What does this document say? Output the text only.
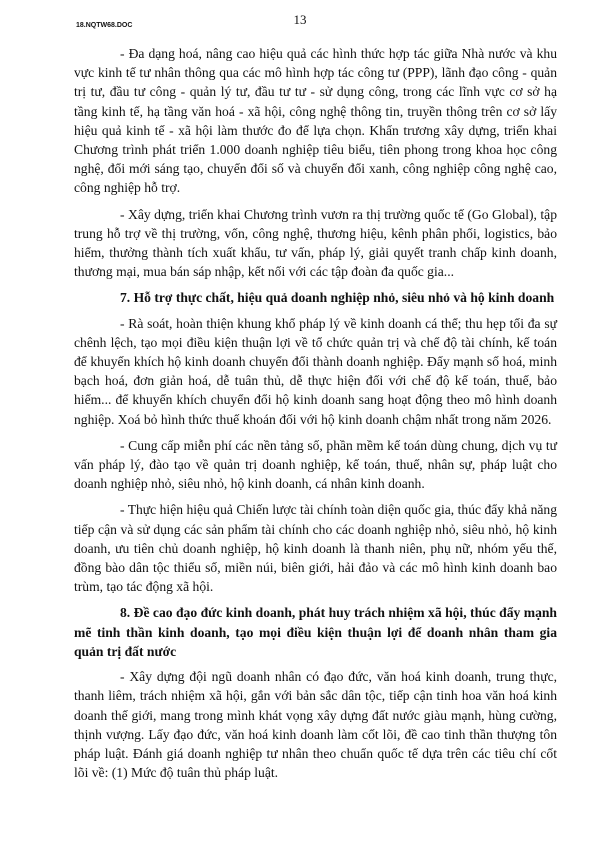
18.NQTW68.DOC	13

- Đa dạng hoá, nâng cao hiệu quả các hình thức hợp tác giữa Nhà nước và khu vực kinh tế tư nhân thông qua các mô hình hợp tác công tư (PPP), lãnh đạo công - quản trị tư, đầu tư công - quản lý tư, đầu tư tư - sử dụng công, trong các lĩnh vực cơ sở hạ tầng kinh tế, hạ tầng văn hoá - xã hội, công nghệ thông tin, truyền thông trên cơ sở lấy hiệu quả kinh tế - xã hội làm thước đo để lựa chọn. Khẩn trương xây dựng, triển khai Chương trình phát triển 1.000 doanh nghiệp tiêu biểu, tiên phong trong khoa học công nghệ, đổi mới sáng tạo, chuyển đổi số và chuyển đổi xanh, công nghiệp công nghệ cao, công nghiệp hỗ trợ.

- Xây dựng, triển khai Chương trình vươn ra thị trường quốc tế (Go Global), tập trung hỗ trợ về thị trường, vốn, công nghệ, thương hiệu, kênh phân phối, logistics, bảo hiểm, thưởng thành tích xuất khẩu, tư vấn, pháp lý, giải quyết tranh chấp kinh doanh, thương mại, mua bán sáp nhập, kết nối với các tập đoàn đa quốc gia...

7. Hỗ trợ thực chất, hiệu quả doanh nghiệp nhỏ, siêu nhỏ và hộ kinh doanh

- Rà soát, hoàn thiện khung khổ pháp lý về kinh doanh cá thể; thu hẹp tối đa sự chênh lệch, tạo mọi điều kiện thuận lợi về tổ chức quản trị và chế độ tài chính, kế toán để khuyến khích hộ kinh doanh chuyển đổi thành doanh nghiệp. Đẩy mạnh số hoá, minh bạch hoá, đơn giản hoá, dễ tuân thủ, dễ thực hiện đối với chế độ kế toán, thuế, bảo hiểm... để khuyến khích chuyển đổi hộ kinh doanh sang hoạt động theo mô hình doanh nghiệp. Xoá bỏ hình thức thuế khoán đối với hộ kinh doanh chậm nhất trong năm 2026.

- Cung cấp miễn phí các nền tảng số, phần mềm kế toán dùng chung, dịch vụ tư vấn pháp lý, đào tạo về quản trị doanh nghiệp, kế toán, thuế, nhân sự, pháp luật cho doanh nghiệp nhỏ, siêu nhỏ, hộ kinh doanh, cá nhân kinh doanh.

- Thực hiện hiệu quả Chiến lược tài chính toàn diện quốc gia, thúc đẩy khả năng tiếp cận và sử dụng các sản phẩm tài chính cho các doanh nghiệp nhỏ, siêu nhỏ, hộ kinh doanh, ưu tiên chủ doanh nghiệp, hộ kinh doanh là thanh niên, phụ nữ, nhóm yếu thế, đồng bào dân tộc thiểu số, miền núi, biên giới, hải đảo và các mô hình kinh doanh bao trùm, tạo tác động xã hội.

8. Đề cao đạo đức kinh doanh, phát huy trách nhiệm xã hội, thúc đẩy mạnh mẽ tinh thần kinh doanh, tạo mọi điều kiện thuận lợi để doanh nhân tham gia quản trị đất nước

- Xây dựng đội ngũ doanh nhân có đạo đức, văn hoá kinh doanh, trung thực, thanh liêm, trách nhiệm xã hội, gắn với bản sắc dân tộc, tiếp cận tinh hoa văn hoá kinh doanh thế giới, mang trong mình khát vọng xây dựng đất nước giàu mạnh, hùng cường, thịnh vượng. Lấy đạo đức, văn hoá kinh doanh làm cốt lõi, đề cao tinh thần thượng tôn pháp luật. Đánh giá doanh nghiệp tư nhân theo chuẩn quốc tế dựa trên các tiêu chí cốt lõi về: (1) Mức độ tuân thủ pháp luật.
